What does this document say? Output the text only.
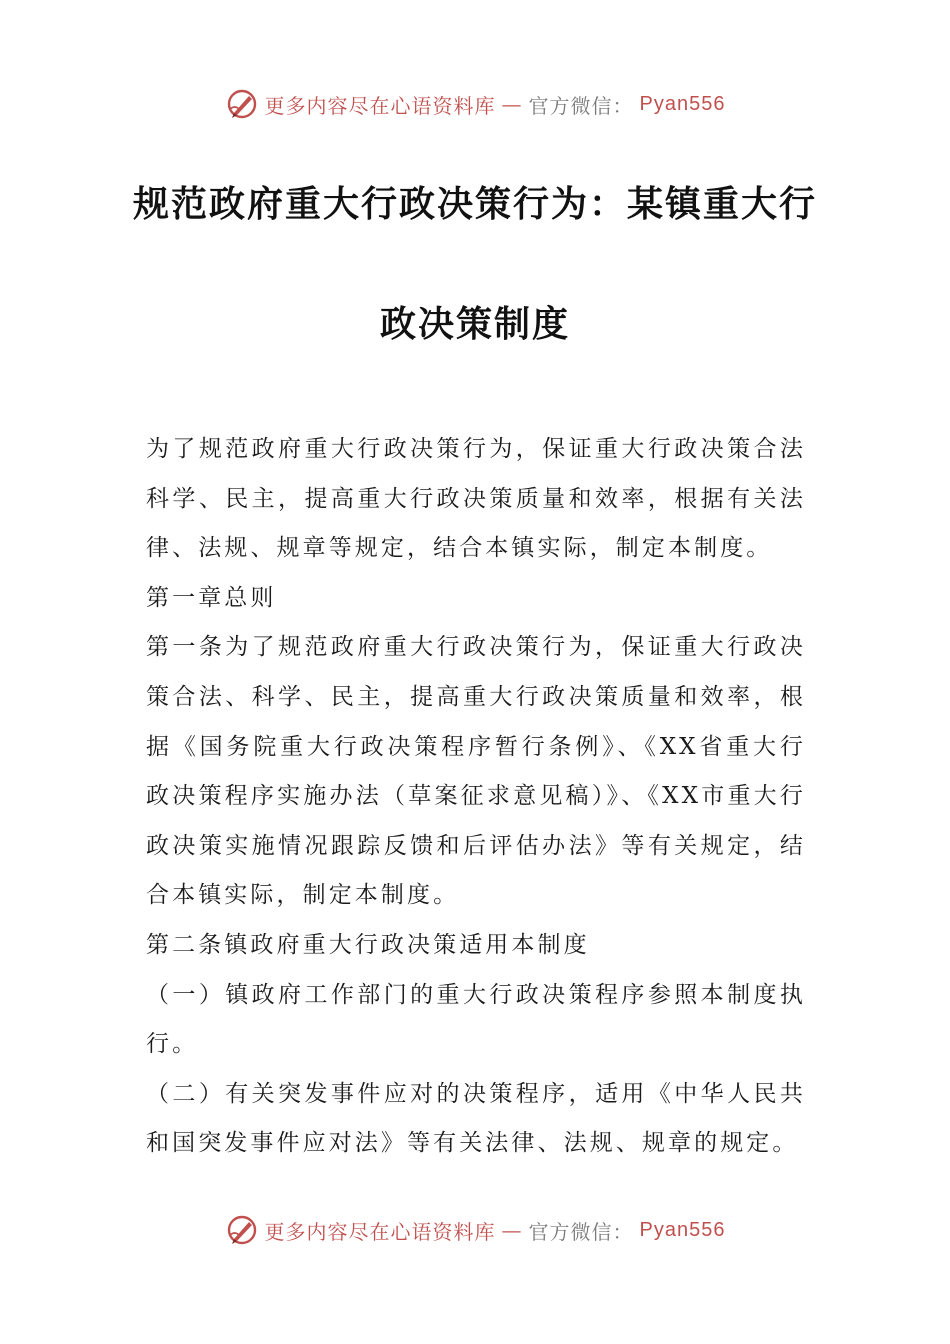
更多内容尽在心语资料库 — 官方微信： Pyan556
规范政府重大行政决策行为：某镇重大行
政决策制度

为了规范政府重大行政决策行为，保证重大行政决策合法科学、民主，提高重大行政决策质量和效率，根据有关法律、法规、规章等规定，结合本镇实际，制定本制度。

第一章总则

第一条为了规范政府重大行政决策行为，保证重大行政决策合法、科学、民主，提高重大行政决策质量和效率，根据《国务院重大行政决策程序暂行条例》、《XX省重大行政决策程序实施办法（草案征求意见稿）》、《XX市重大行政决策实施情况跟踪反馈和后评估办法》等有关规定，结合本镇实际，制定本制度。

第二条镇政府重大行政决策适用本制度

（一）镇政府工作部门的重大行政决策程序参照本制度执行。

（二）有关突发事件应对的决策程序，适用《中华人民共和国突发事件应对法》等有关法律、法规、规章的规定。

更多内容尽在心语资料库 — 官方微信： Pyan556
